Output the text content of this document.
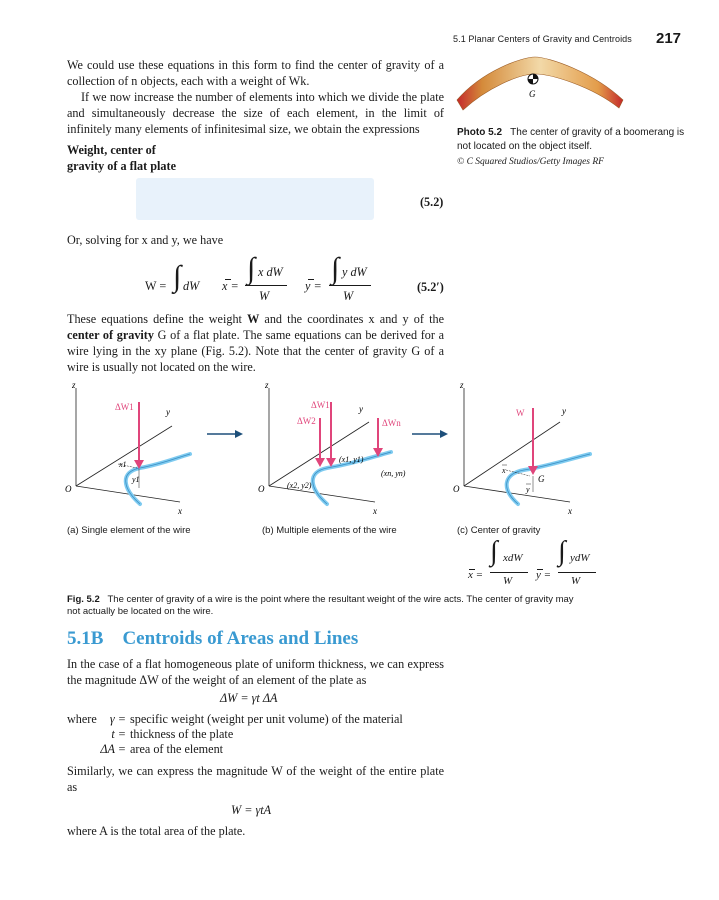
5.1 Planar Centers of Gravity and Centroids 217
We could use these equations in this form to find the center of gravity of a collection of n objects, each with a weight of Wk.
If we now increase the number of elements into which we divide the plate and simultaneously decrease the size of each element, in the limit of infinitely many elements of infinitesimal size, we obtain the expressions
Weight, center of
gravity of a flat plate
G
Photo 5.2 The center of gravity of a boomerang is not located on the object itself.
© C Squared Studios/Getty Images RF
(5.2)
Or, solving for x and y, we have
W = ∫ dW x =
∫ x dW
W
y =
∫ y dW
W
(5.2′)
These equations define the weight W and the coordinates x and y of the center of gravity G of a flat plate. The same equations can be derived for a wire lying in the xy plane (Fig. 5.2). Note that the center of gravity G of a wire is usually not located on the wire.
z
y
x
O
ΔW1
x1
y1
z
y
x
O
ΔW1
ΔW2	ΔWn
(x1, y1)
(x2, y2)
(xn, yn)
z
y
x
O
W
G
x
y
(a) Single element of the wire	(b) Multiple elements of the wire	(c) Center of gravity
x =
∫ xdW
W y =
∫ ydW
W
Fig. 5.2 The center of gravity of a wire is the point where the resultant weight of the wire acts. The center of gravity may not actually be located on the wire.
5.1B Centroids of Areas and Lines
In the case of a flat homogeneous plate of uniform thickness, we can express the magnitude ΔW of the weight of an element of the plate as
ΔW = γt ΔA
where	γ = specific weight (weight per unit volume) of the material
t = thickness of the plate
ΔA = area of the element
Similarly, we can express the magnitude W of the weight of the entire plate as
W = γtA
where A is the total area of the plate.
